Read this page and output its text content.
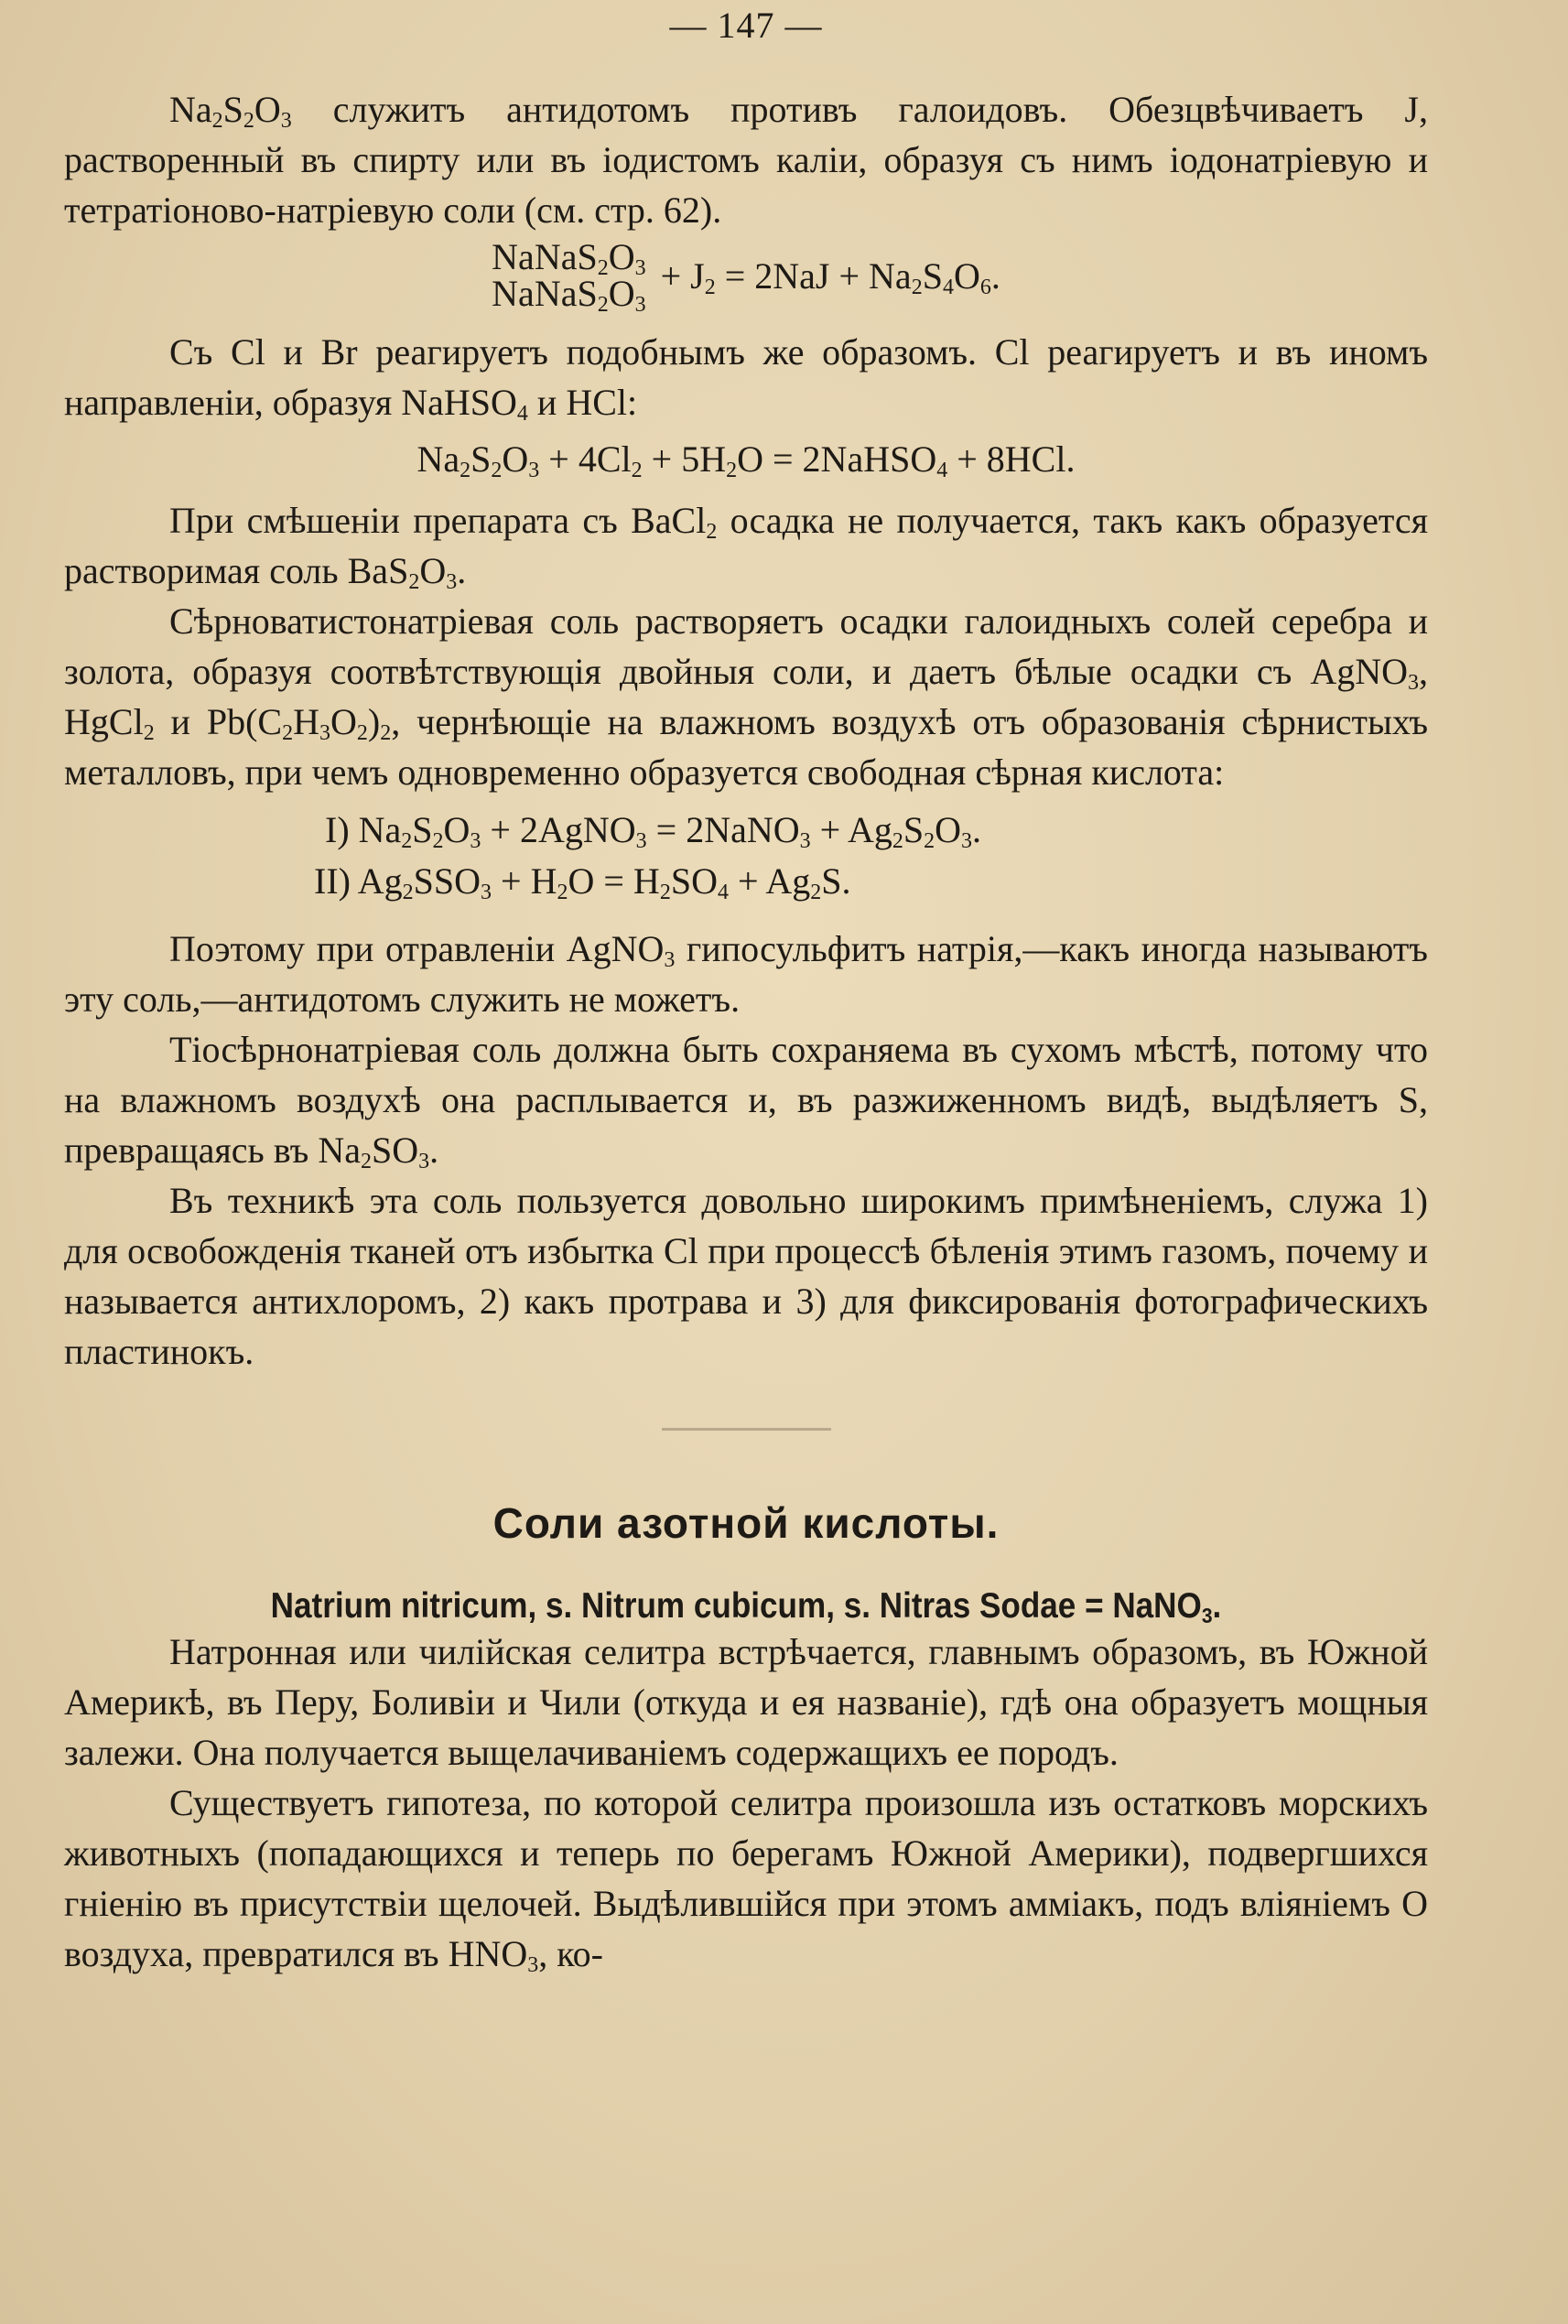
— 147 —

$Na_2S_2O_3$ служитъ антидотомъ противъ галоидовъ. Обезцвѣчиваетъ J, растворенный въ спирту или въ іодистомъ каліи, образуя съ нимъ іодонатріевую и тетратіоново-натріевую соли (см. стр. 62).

$NaNaS_2O_3$
$NaNaS_2O_3$
+ $J_2 = 2NaJ + Na_2S_4O_6$.

Съ Cl и Br реагируетъ подобнымъ же образомъ. Cl реагируетъ и въ иномъ направленіи, образуя NaHSO$_4$ и HCl:

$Na_2S_2O_3 + 4Cl_2 + 5H_2O$ = 2NaHSO$_4$ + 8HCl.

При смѣшеніи препарата съ BaCl$_2$ осадка не получается, такъ какъ образуется растворимая соль $BaS_2O_3$.

Сѣрноватистонатріевая соль растворяетъ осадки галоидныхъ солей серебра и золота, образуя соотвѣтствующія двойныя соли, и даетъ бѣлые осадки съ AgNO$_3$, HgCl$_2$ и $Pb(C_2H_3O_2)_2$, чернѣющіе на влажномъ воздухѣ отъ образованія сѣрнистыхъ металловъ, при чемъ одновременно образуется свободная сѣрная кислота:

I) $Na_2S_2O_3$ + 2AgNO$_3$ = 2NaNO$_3$ + $Ag_2S_2O_3$.
II) $Ag_2SSO_3 + H_2O = H_2SO_4 + Ag_2S$.

Поэтому при отравленіи AgNO$_3$ гипосульфитъ натрія,—какъ иногда называютъ эту соль,—антидотомъ служить не можетъ.

Тіосѣрнонатріевая соль должна быть сохраняема въ сухомъ мѣстѣ, потому что на влажномъ воздухѣ она расплывается и, въ разжиженномъ видѣ, выдѣляетъ S, превращаясь въ $Na_2SO_3$.

Въ техникѣ эта соль пользуется довольно широкимъ примѣненіемъ, служа 1) для освобожденія тканей отъ избытка Cl при процессѣ бѣленія этимъ газомъ, почему и называется антихлоромъ, 2) какъ протрава и 3) для фиксированія фотографическихъ пластинокъ.

Соли азотной кислоты.
Natrium nitricum, s. Nitrum cubicum, s. Nitras Sodae = NaNO$_3$.

Натронная или чилійская селитра встрѣчается, главнымъ образомъ, въ Южной Америкѣ, въ Перу, Боливіи и Чили (откуда и ея названіе), гдѣ она образуетъ мощныя залежи. Она получается выщелачиваніемъ содержащихъ ее породъ.

Существуетъ гипотеза, по которой селитра произошла изъ остатковъ морскихъ животныхъ (попадающихся и теперь по берегамъ Южной Америки), подвергшихся гніенію въ присутствіи щелочей. Выдѣлившійся при этомъ амміакъ, подъ вліяніемъ O воздуха, превратился въ $HNO_3$, ко-
